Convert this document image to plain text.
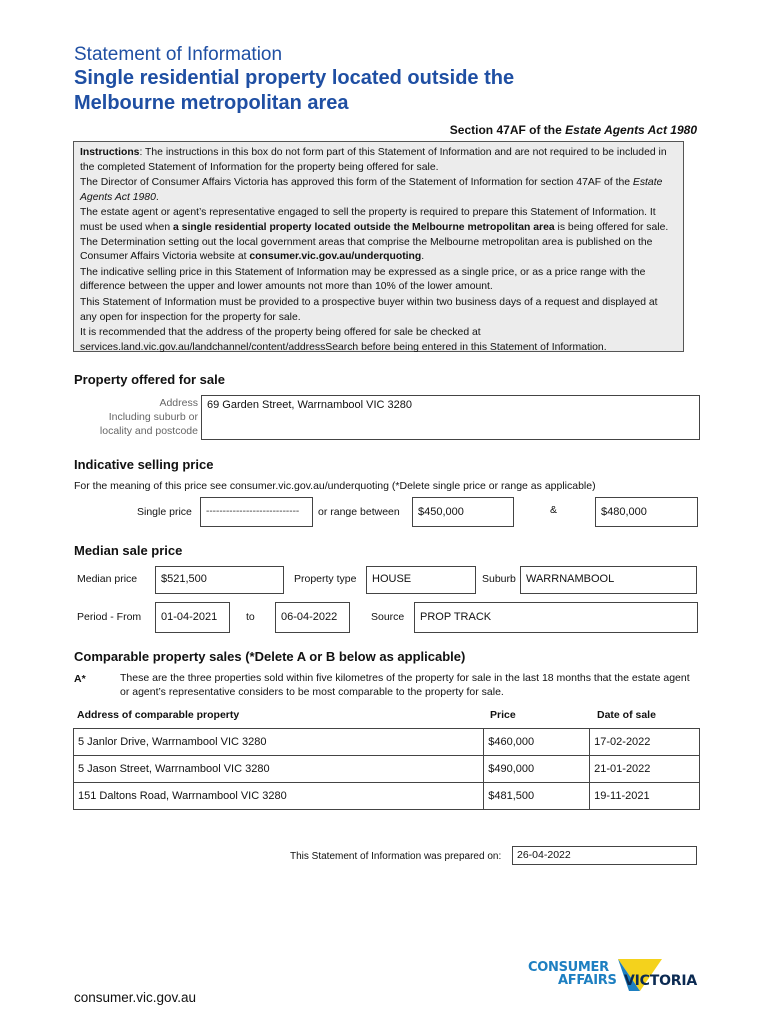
Statement of Information
Single residential property located outside the
Melbourne metropolitan area
Section 47AF of the Estate Agents Act 1980

Instructions: The instructions in this box do not form part of this Statement of Information and are not required to be included in the completed Statement of Information for the property being offered for sale.

The Director of Consumer Affairs Victoria has approved this form of the Statement of Information for section 47AF of the Estate Agents Act 1980.

The estate agent or agent’s representative engaged to sell the property is required to prepare this Statement of Information. It must be used when a single residential property located outside the Melbourne metropolitan area is being offered for sale. The Determination setting out the local government areas that comprise the Melbourne metropolitan area is published on the Consumer Affairs Victoria website at consumer.vic.gov.au/underquoting.

The indicative selling price in this Statement of Information may be expressed as a single price, or as a price range with the difference between the upper and lower amounts not more than 10% of the lower amount.

This Statement of Information must be provided to a prospective buyer within two business days of a request and displayed at any open for inspection for the property for sale.

It is recommended that the address of the property being offered for sale be checked at services.land.vic.gov.au/landchannel/content/addressSearch before being entered in this Statement of Information.

Property offered for sale
Address
Including suburb or
locality and postcode
69 Garden Street, Warrnambool VIC 3280
Indicative selling price
For the meaning of this price see consumer.vic.gov.au/underquoting (*Delete single price or range as applicable)
Single price	----------------------------	or range between	$450,000	&	$480,000
Median sale price
Median price	$521,500	Property type	HOUSE	Suburb WARRNAMBOOL
Period - From	01-04-2021	to	06-04-2022	Source	PROP TRACK
Comparable property sales (*Delete A or B below as applicable)
A*	These are the three properties sold within five kilometres of the property for sale in the last 18 months that the estate agent or agent’s representative considers to be most comparable to the property for sale.
Address of comparable property	Price	Date of sale
5 Janlor Drive, Warrnambool VIC 3280	$460,000	17-02-2022
5 Jason Street, Warrnambool VIC 3280	$490,000	21-01-2022
151 Daltons Road, Warrnambool VIC 3280	$481,500	19-11-2021
This Statement of Information was prepared on:	26-04-2022
consumer.vic.gov.au
CONSUMER
AFFAIRS VICTORIA
